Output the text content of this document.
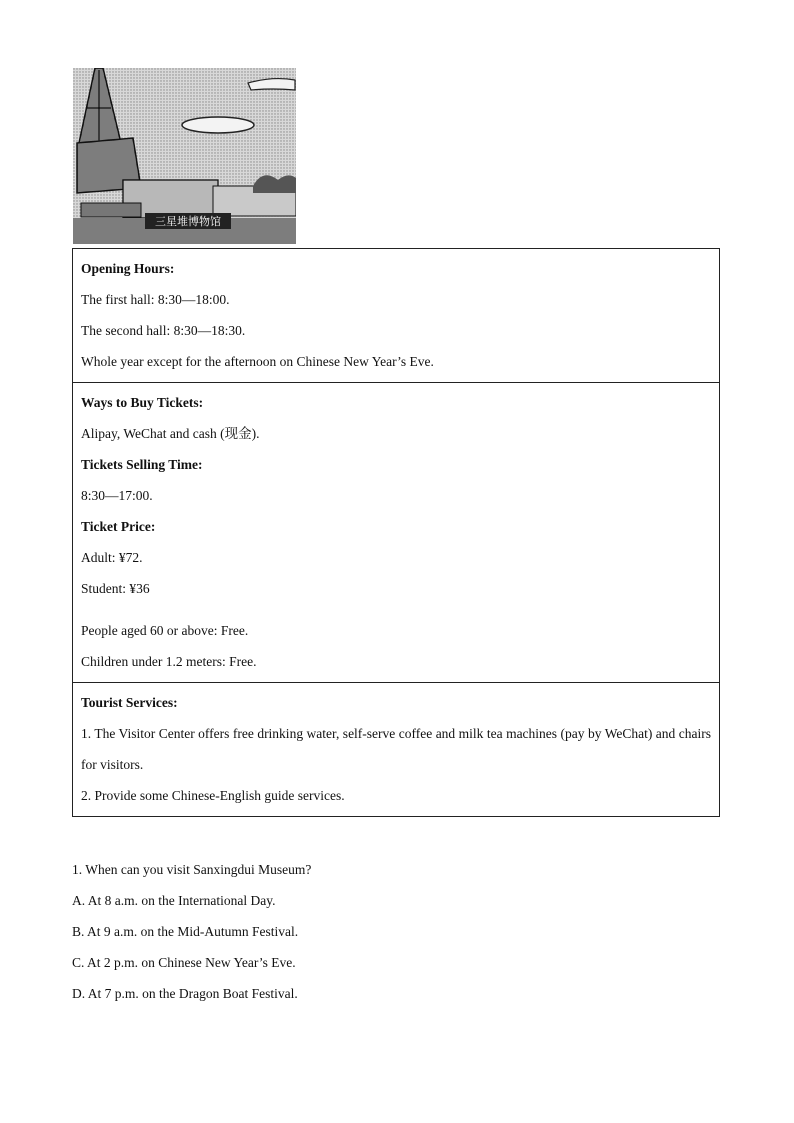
三星堆博物馆
Opening Hours:
The first hall: 8:30—18:00.
The second hall: 8:30—18:30.
Whole year except for the afternoon on Chinese New Year’s Eve.
Ways to Buy Tickets:
Alipay, WeChat and cash (现金).
Tickets Selling Time:
8:30—17:00.
Ticket Price:
Adult: ¥72.
Student: ¥36
People aged 60 or above: Free.
Children under 1.2 meters: Free.
Tourist Services:
1. The Visitor Center offers free drinking water, self-serve coffee and milk tea machines (pay by WeChat) and chairs for visitors.
2. Provide some Chinese-English guide services.
1. When can you visit Sanxingdui Museum?
A. At 8 a.m. on the International Day.
B. At 9 a.m. on the Mid-Autumn Festival.
C. At 2 p.m. on Chinese New Year’s Eve.
D. At 7 p.m. on the Dragon Boat Festival.
